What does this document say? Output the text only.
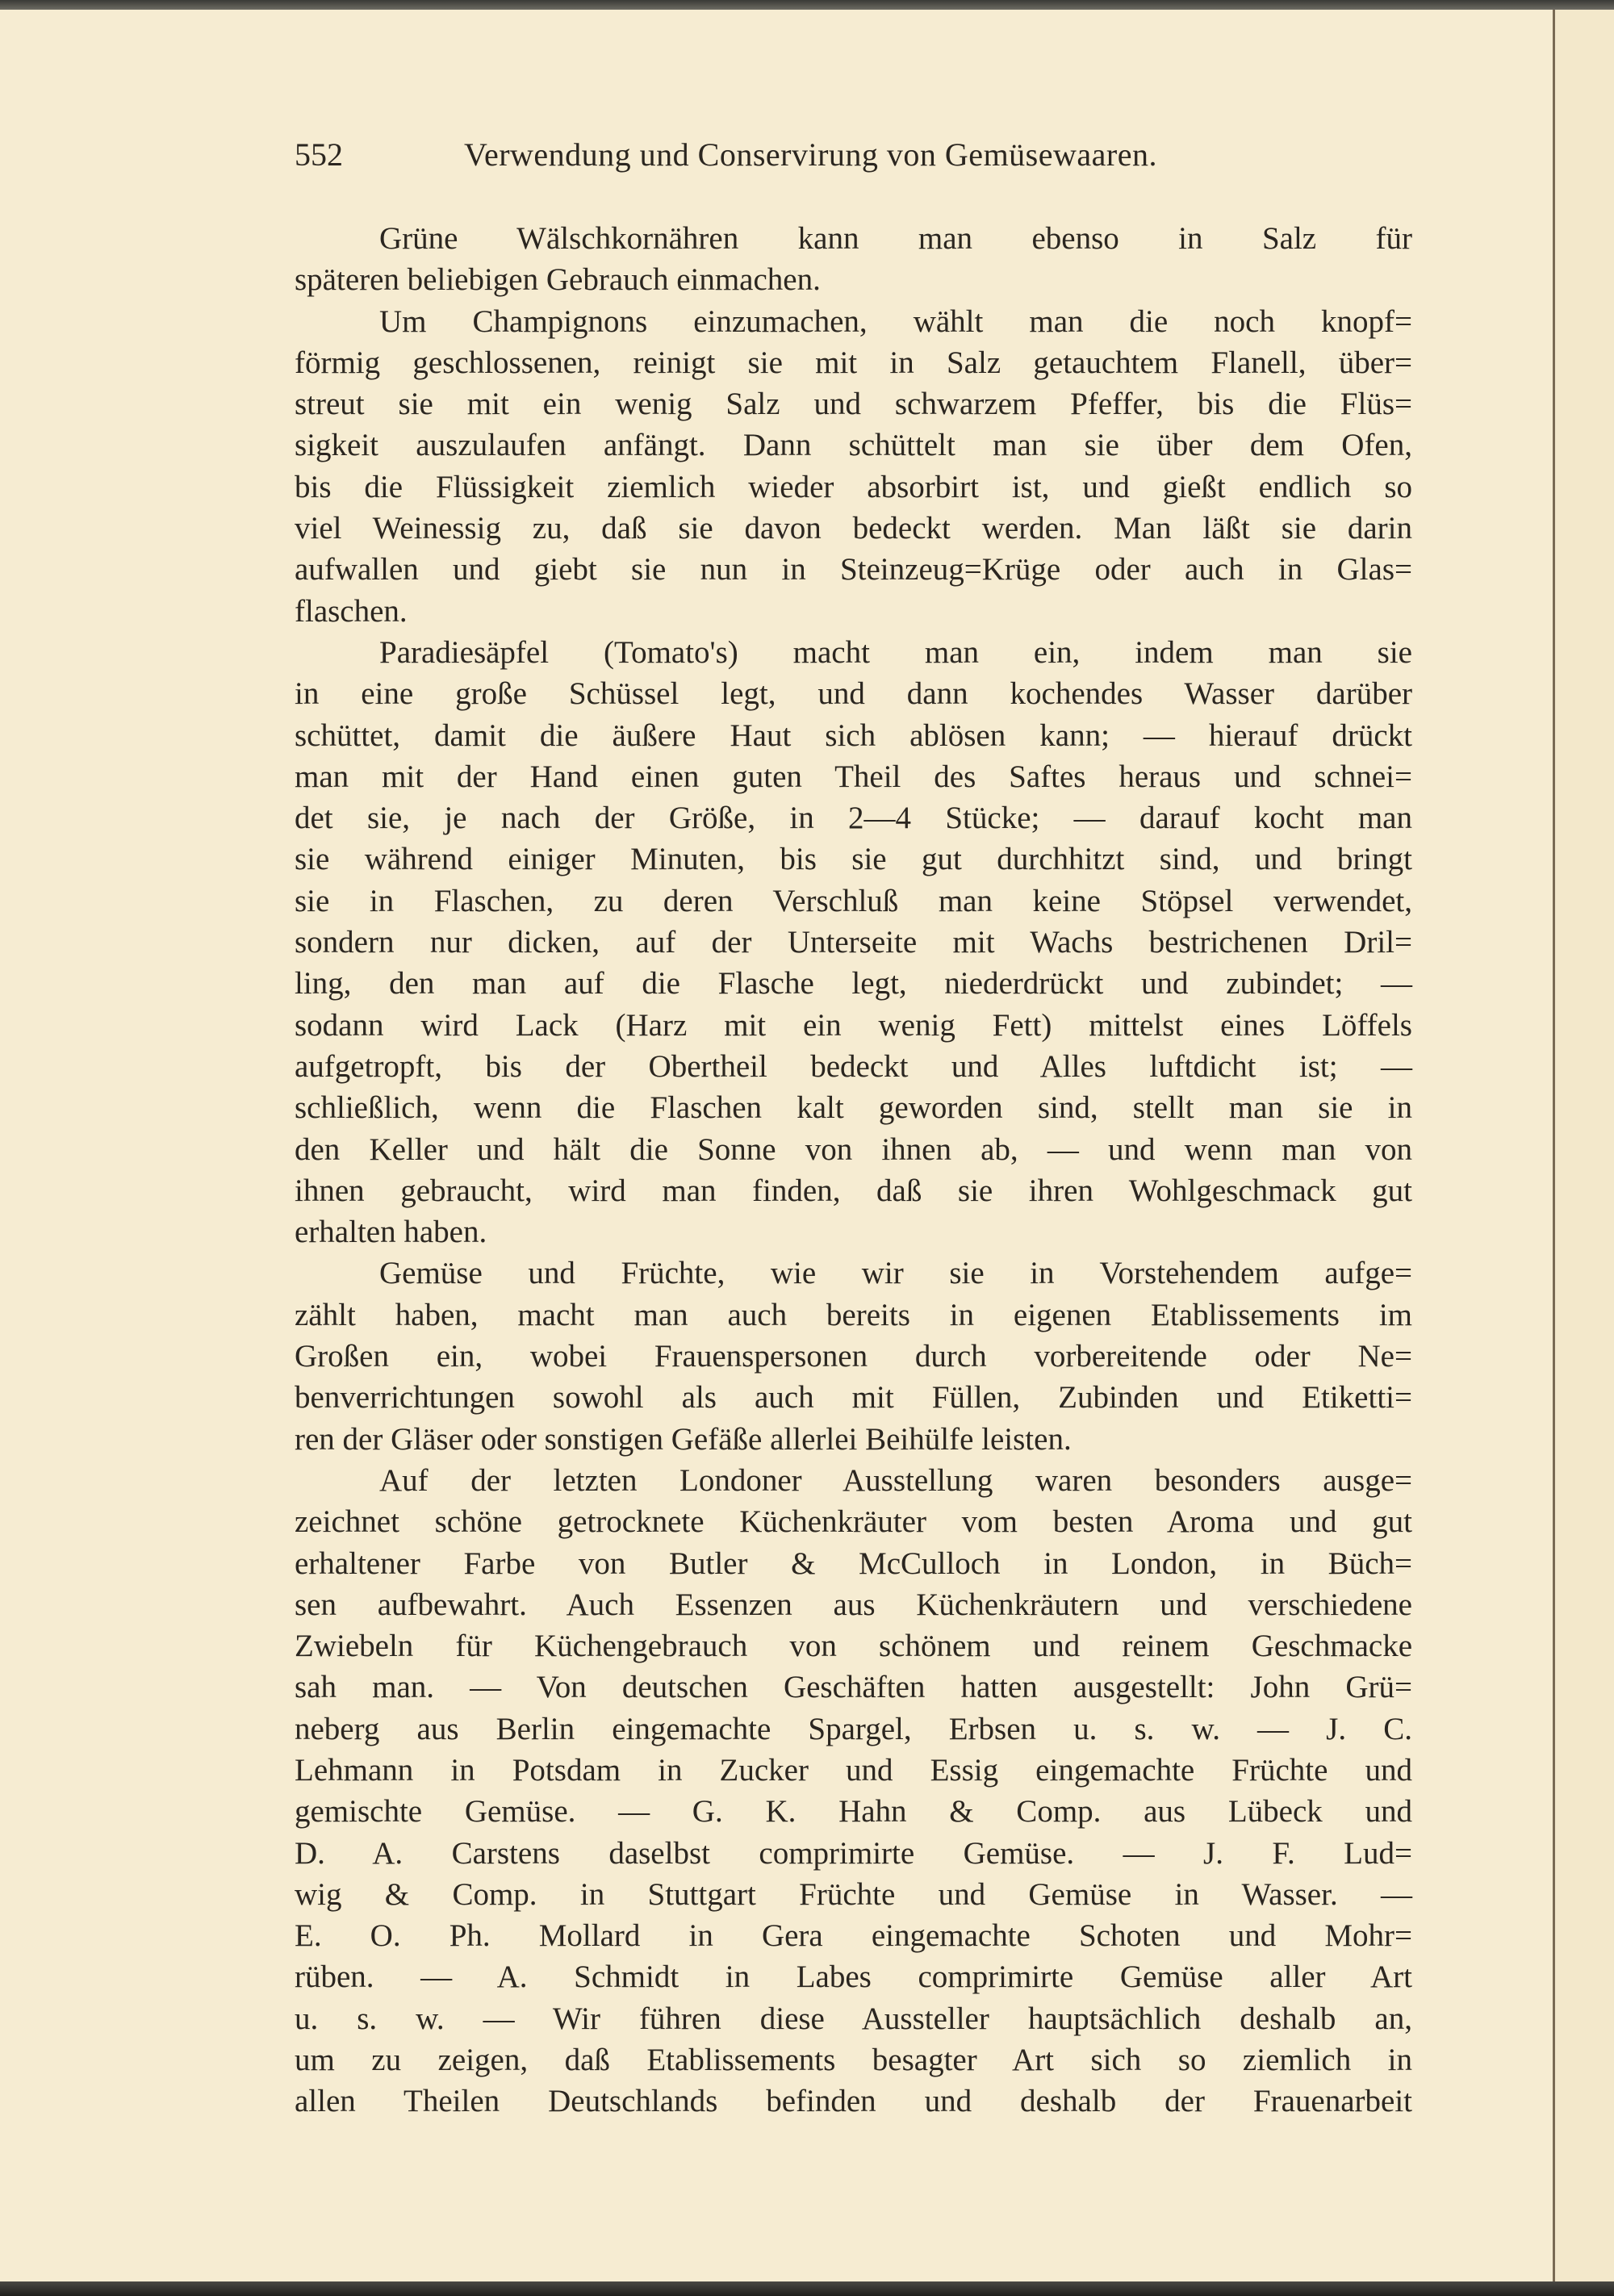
552	Verwendung und Conservirung von Gemüsewaaren.
Grüne Wälschkornähren kann man ebenso in Salz für
späteren beliebigen Gebrauch einmachen.
Um Champignons einzumachen, wählt man die noch knopf=
förmig geschlossenen, reinigt sie mit in Salz getauchtem Flanell, über=
streut sie mit ein wenig Salz und schwarzem Pfeffer, bis die Flüs=
sigkeit auszulaufen anfängt. Dann schüttelt man sie über dem Ofen,
bis die Flüssigkeit ziemlich wieder absorbirt ist, und gießt endlich so
viel Weinessig zu, daß sie davon bedeckt werden. Man läßt sie darin
aufwallen und giebt sie nun in Steinzeug=Krüge oder auch in Glas=
flaschen.
Paradiesäpfel (Tomato's) macht man ein, indem man sie
in eine große Schüssel legt, und dann kochendes Wasser darüber
schüttet, damit die äußere Haut sich ablösen kann; — hierauf drückt
man mit der Hand einen guten Theil des Saftes heraus und schnei=
det sie, je nach der Größe, in 2—4 Stücke; — darauf kocht man
sie während einiger Minuten, bis sie gut durchhitzt sind, und bringt
sie in Flaschen, zu deren Verschluß man keine Stöpsel verwendet,
sondern nur dicken, auf der Unterseite mit Wachs bestrichenen Dril=
ling, den man auf die Flasche legt, niederdrückt und zubindet; —
sodann wird Lack (Harz mit ein wenig Fett) mittelst eines Löffels
aufgetropft, bis der Obertheil bedeckt und Alles luftdicht ist; —
schließlich, wenn die Flaschen kalt geworden sind, stellt man sie in
den Keller und hält die Sonne von ihnen ab, — und wenn man von
ihnen gebraucht, wird man finden, daß sie ihren Wohlgeschmack gut
erhalten haben.
Gemüse und Früchte, wie wir sie in Vorstehendem aufge=
zählt haben, macht man auch bereits in eigenen Etablissements im
Großen ein, wobei Frauenspersonen durch vorbereitende oder Ne=
benverrichtungen sowohl als auch mit Füllen, Zubinden und Etiketti=
ren der Gläser oder sonstigen Gefäße allerlei Beihülfe leisten.
Auf der letzten Londoner Ausstellung waren besonders ausge=
zeichnet schöne getrocknete Küchenkräuter vom besten Aroma und gut
erhaltener Farbe von Butler & McCulloch in London, in Büch=
sen aufbewahrt. Auch Essenzen aus Küchenkräutern und verschiedene
Zwiebeln für Küchengebrauch von schönem und reinem Geschmacke
sah man. — Von deutschen Geschäften hatten ausgestellt: John Grü=
neberg aus Berlin eingemachte Spargel, Erbsen u. s. w. — J. C.
Lehmann in Potsdam in Zucker und Essig eingemachte Früchte und
gemischte Gemüse. — G. K. Hahn & Comp. aus Lübeck und
D. A. Carstens daselbst comprimirte Gemüse. — J. F. Lud=
wig & Comp. in Stuttgart Früchte und Gemüse in Wasser. —
E. O. Ph. Mollard in Gera eingemachte Schoten und Mohr=
rüben. — A. Schmidt in Labes comprimirte Gemüse aller Art
u. s. w. — Wir führen diese Aussteller hauptsächlich deshalb an,
um zu zeigen, daß Etablissements besagter Art sich so ziemlich in
allen Theilen Deutschlands befinden und deshalb der Frauenarbeit
